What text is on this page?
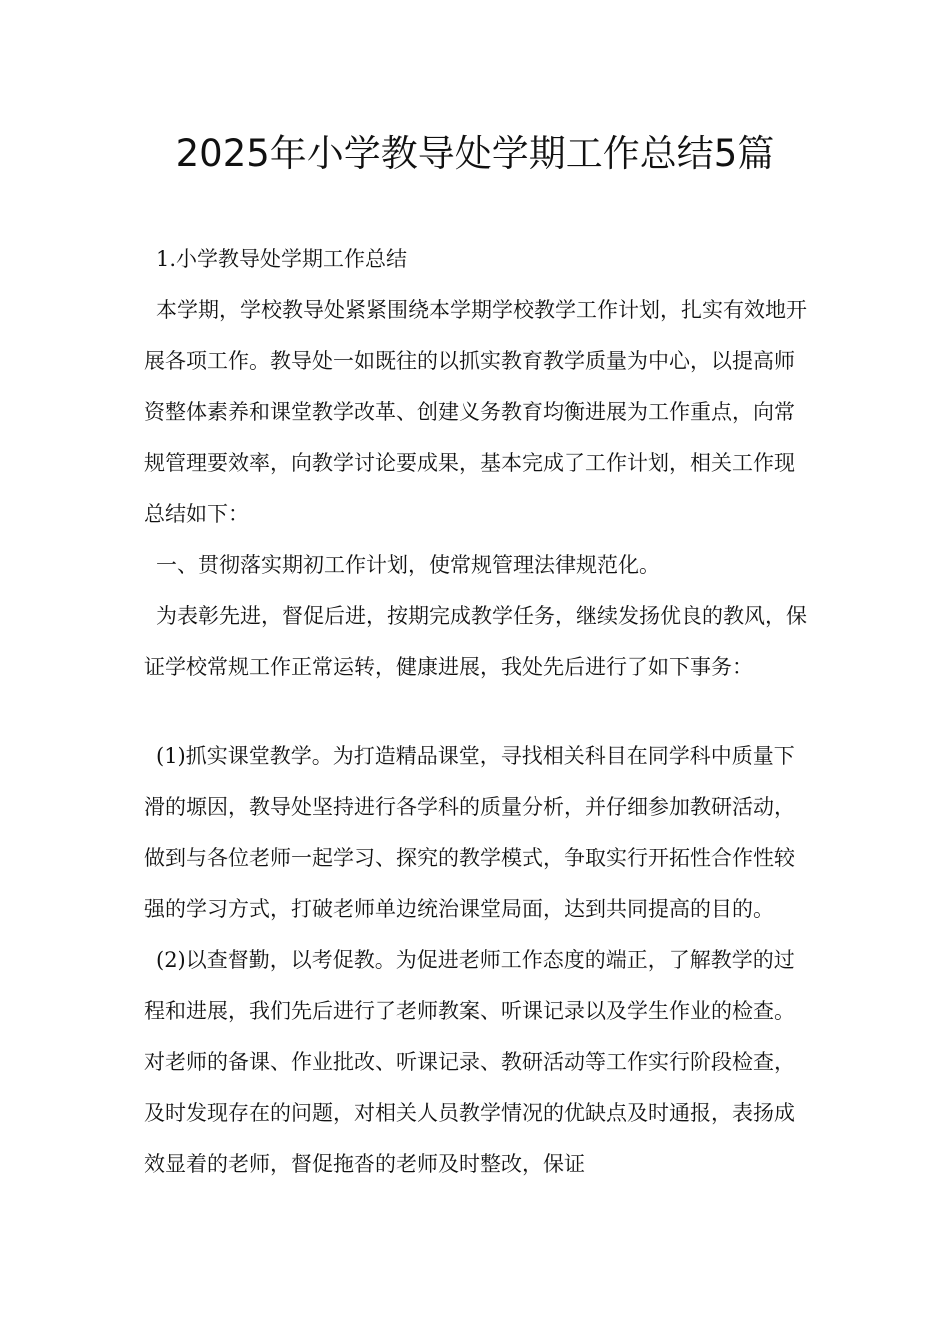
2025年小学教导处学期工作总结5篇

1.小学教导处学期工作总结

本学期，学校教导处紧紧围绕本学期学校教学工作计划，扎实有效地开展各项工作。教导处一如既往的以抓实教育教学质量为中心，以提高师资整体素养和课堂教学改革、创建义务教育均衡进展为工作重点，向常规管理要效率，向教学讨论要成果，基本完成了工作计划，相关工作现总结如下：

一、贯彻落实期初工作计划，使常规管理法律规范化。

为表彰先进，督促后进，按期完成教学任务，继续发扬优良的教风，保证学校常规工作正常运转，健康进展，我处先后进行了如下事务：

(1)抓实课堂教学。为打造精品课堂，寻找相关科目在同学科中质量下滑的塬因，教导处坚持进行各学科的质量分析，并仔细参加教研活动，做到与各位老师一起学习、探究的教学模式，争取实行开拓性合作性较强的学习方式，打破老师单边统治课堂局面，达到共同提高的目的。

(2)以查督勤，以考促教。为促进老师工作态度的端正，了解教学的过程和进展，我们先后进行了老师教案、听课记录以及学生作业的检查。对老师的备课、作业批改、听课记录、教研活动等工作实行阶段检查，及时发现存在的问题，对相关人员教学情况的优缺点及时通报，表扬成效显着的老师，督促拖沓的老师及时整改，保证
